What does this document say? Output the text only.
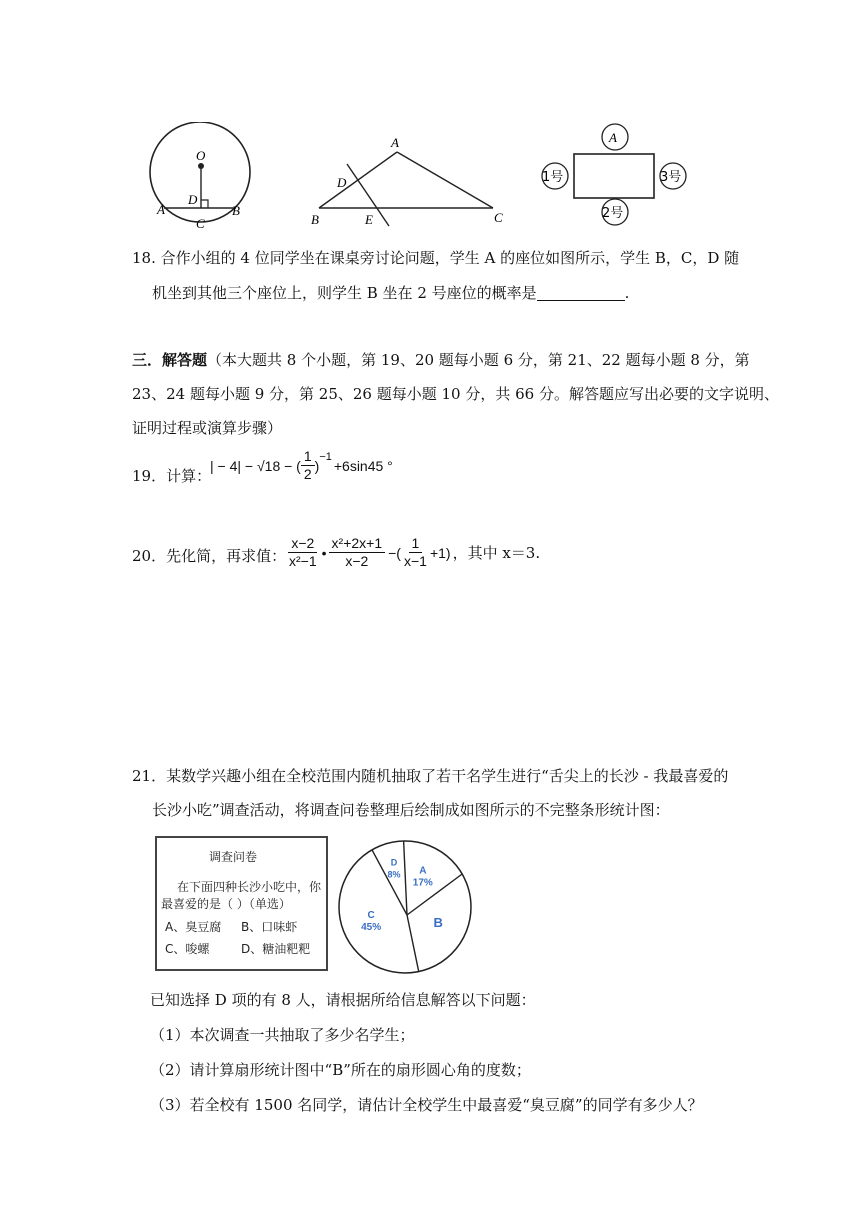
O
D
A	B
C
A
D
B	E	C
A
1号	3号
2号
18. 合作小组的 4 位同学坐在课桌旁讨论问题，学生 A 的座位如图所示，学生 B，C，D 随
机坐到其他三个座位上，则学生 B 坐在 2 号座位的概率是	.
三．解答题（本大题共 8 个小题，第 19、20 题每小题 6 分，第 21、22 题每小题 8 分，第
23、24 题每小题 9 分，第 25、26 题每小题 10 分，共 66 分。解答题应写出必要的文字说明、
证明过程或演算步骤）
19．计算：
| − 4| − √18 − ( $\frac{1}{2}$ )
−1
+6sin45 °
20．先化简，再求值： $\frac{x-2}{\text{x²−1}}$ • $\frac{\text{x²+2x+1}}{x-2}$ −( $\frac{1}{x-1} +1$) ，其中 x＝3.
21．某数学兴趣小组在全校范围内随机抽取了若干名学生进行“舌尖上的长沙 - 我最喜爱的
长沙小吃”调查活动，将调查问卷整理后绘制成如图所示的不完整条形统计图：
调查问卷
在下面四种长沙小吃中，你
最喜爱的是（ ）（单选）
A、臭豆腐 B、口味虾
C、唆螺	D、糖油粑粑
D
8% A
17%
B
C
45%
已知选择 D 项的有 8 人，请根据所给信息解答以下问题：
（1）本次调查一共抽取了多少名学生；
（2）请计算扇形统计图中“B”所在的扇形圆心角的度数；
（3）若全校有 1500 名同学，请估计全校学生中最喜爱“臭豆腐”的同学有多少人？
